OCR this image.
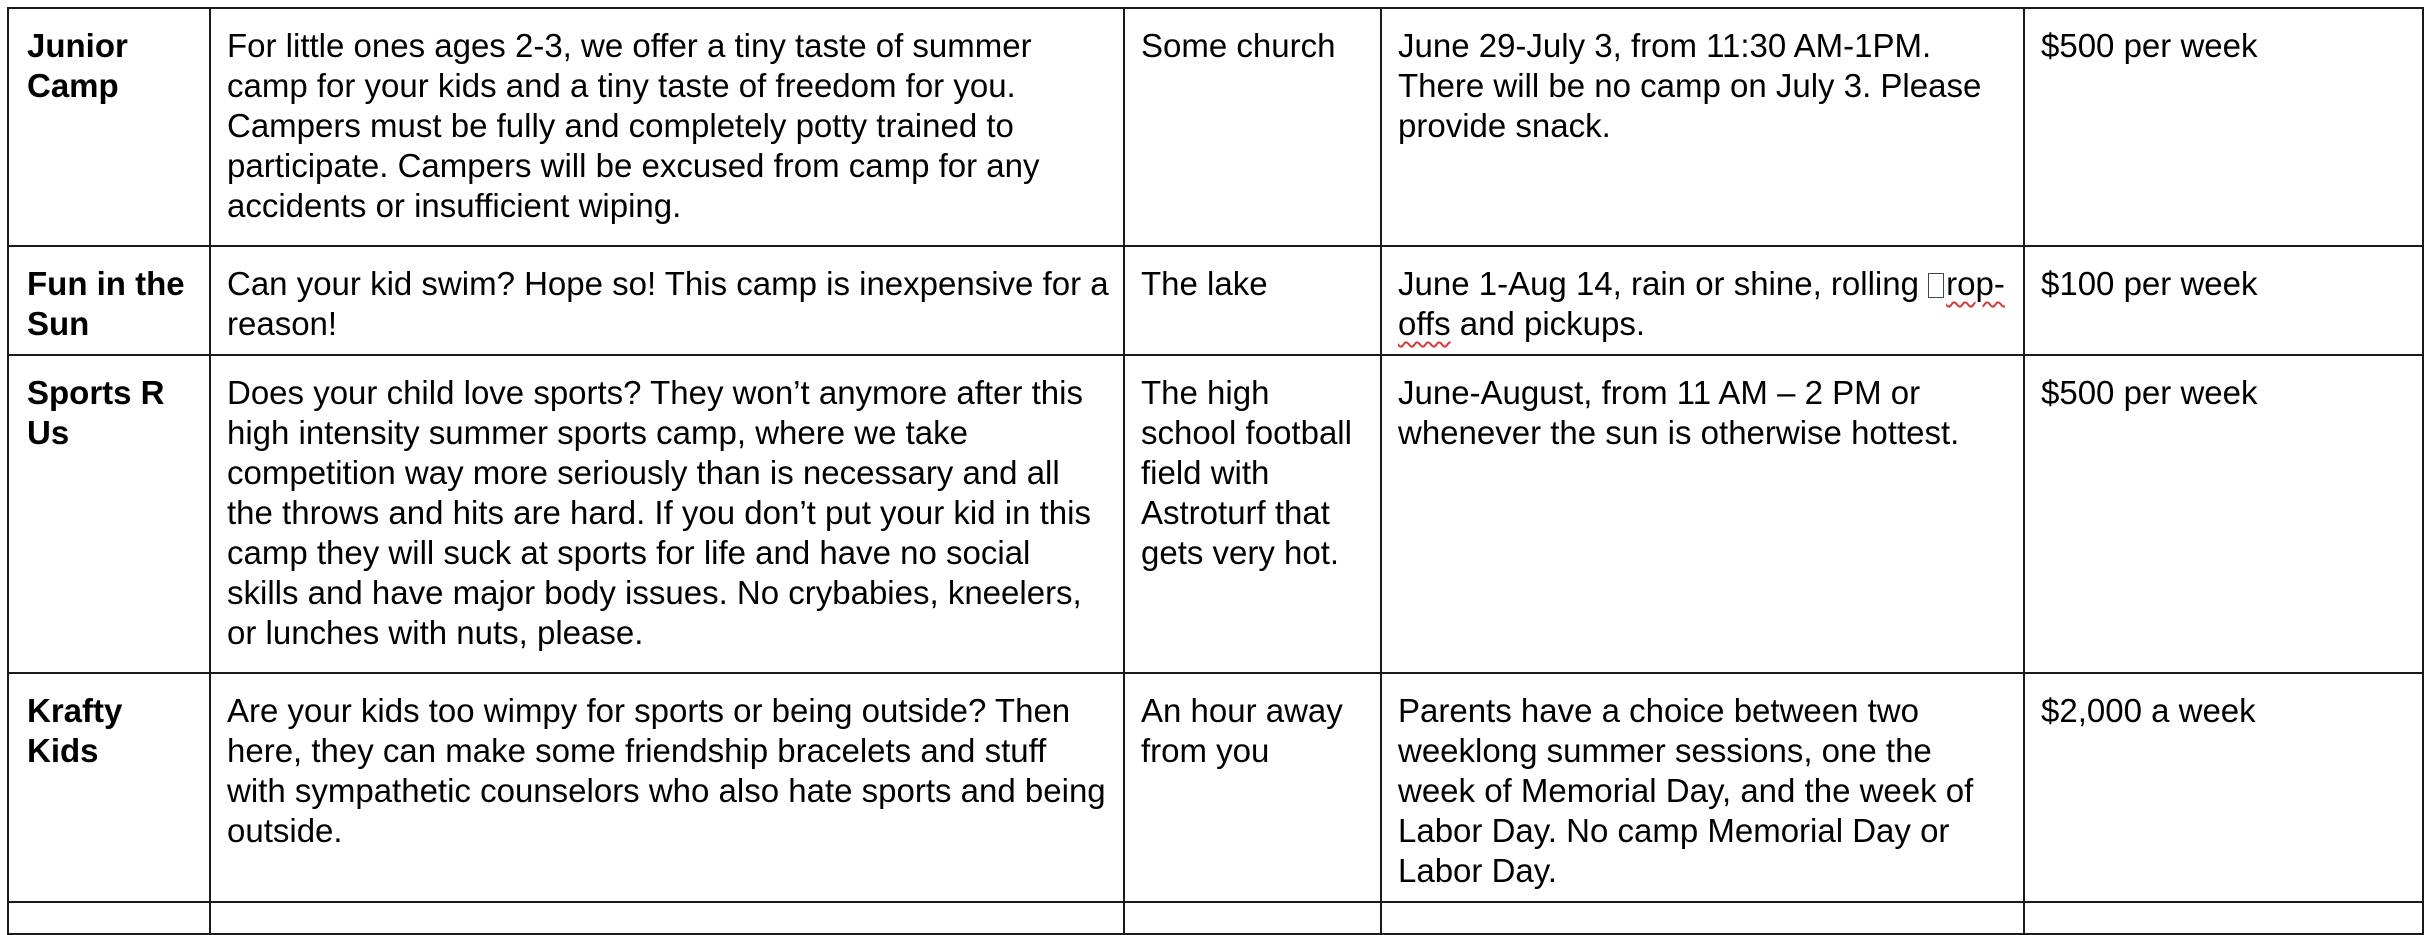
Junior Camp	For little ones ages 2-3, we offer a tiny taste of summer camp for your kids and a tiny taste of freedom for you. Campers must be fully and completely potty trained to participate. Campers will be excused from camp for any accidents or insufficient wiping.	Some church	June 29-July 3, from 11:30 AM-1PM. There will be no camp on July 3. Please provide snack.	$500 per week
Fun in the Sun	Can your kid swim? Hope so! This camp is inexpensive for a reason!	The lake	June 1-Aug 14, rain or shine, rolling rop-offs and pickups.	$100 per week
Sports R Us	Does your child love sports? They won’t anymore after this high intensity summer sports camp, where we take competition way more seriously than is necessary and all the throws and hits are hard. If you don’t put your kid in this camp they will suck at sports for life and have no social skills and have major body issues. No crybabies, kneelers, or lunches with nuts, please.	The high school football field with Astroturf that gets very hot.	June-August, from 11 AM – 2 PM or whenever the sun is otherwise hottest.	$500 per week
Krafty Kids	Are your kids too wimpy for sports or being outside? Then here, they can make some friendship bracelets and stuff with sympathetic counselors who also hate sports and being outside.	An hour away from you	Parents have a choice between two weeklong summer sessions, one the week of Memorial Day, and the week of Labor Day. No camp Memorial Day or Labor Day.	$2,000 a week
